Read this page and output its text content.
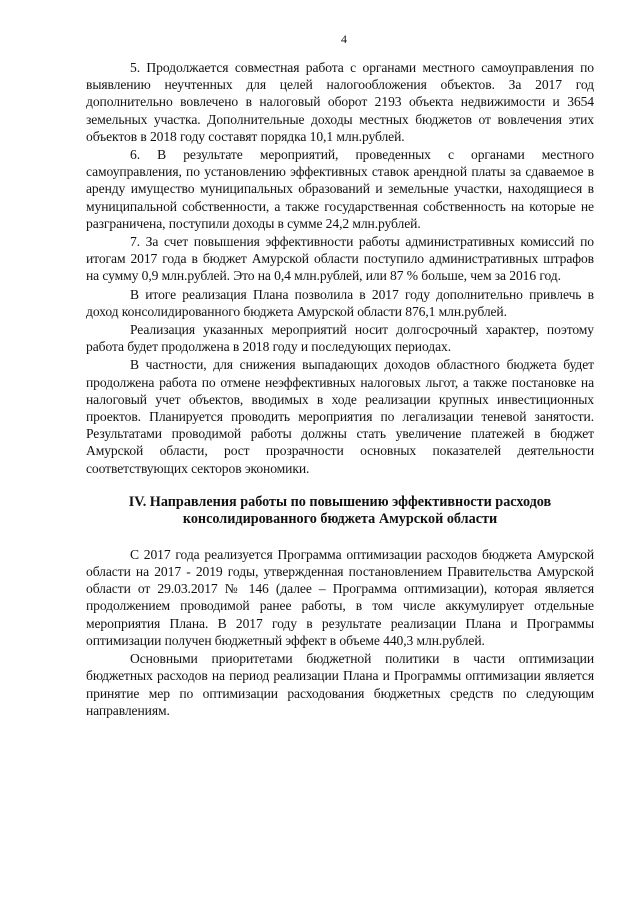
4

5. Продолжается совместная работа с органами местного самоуправления по выявлению неучтенных для целей налогообложения объектов. За 2017 год дополнительно вовлечено в налоговый оборот 2193 объекта недвижимости и 3654 земельных участка. Дополнительные доходы местных бюджетов от вовлечения этих объектов в 2018 году составят порядка 10,1 млн.рублей.

6. В результате мероприятий, проведенных с органами местного самоуправления, по установлению эффективных ставок арендной платы за сдаваемое в аренду имущество муниципальных образований и земельные участки, находящиеся в муниципальной собственности, а также государственная собственность на которые не разграничена, поступили доходы в сумме 24,2 млн.рублей.

7. За счет повышения эффективности работы административных комиссий по итогам 2017 года в бюджет Амурской области поступило административных штрафов на сумму 0,9 млн.рублей. Это на 0,4 млн.рублей, или 87 % больше, чем за 2016 год.

В итоге реализация Плана позволила в 2017 году дополнительно привлечь в доход консолидированного бюджета Амурской области 876,1 млн.рублей.

Реализация указанных мероприятий носит долгосрочный характер, поэтому работа будет продолжена в 2018 году и последующих периодах.

В частности, для снижения выпадающих доходов областного бюджета будет продолжена работа по отмене неэффективных налоговых льгот, а также постановке на налоговый учет объектов, вводимых в ходе реализации крупных инвестиционных проектов. Планируется проводить мероприятия по легализации теневой занятости. Результатами проводимой работы должны стать увеличение платежей в бюджет Амурской области, рост прозрачности основных показателей деятельности соответствующих секторов экономики.

IV. Направления работы по повышению эффективности расходов
консолидированного бюджета Амурской области

С 2017 года реализуется Программа оптимизации расходов бюджета Амурской области на 2017 - 2019 годы, утвержденная постановлением Правительства Амурской области от 29.03.2017 № 146 (далее – Программа оптимизации), которая является продолжением проводимой ранее работы, в том числе аккумулирует отдельные мероприятия Плана. В 2017 году в результате реализации Плана и Программы оптимизации получен бюджетный эффект в объеме 440,3 млн.рублей.

Основными приоритетами бюджетной политики в части оптимизации бюджетных расходов на период реализации Плана и Программы оптимизации является принятие мер по оптимизации расходования бюджетных средств по следующим направлениям.
